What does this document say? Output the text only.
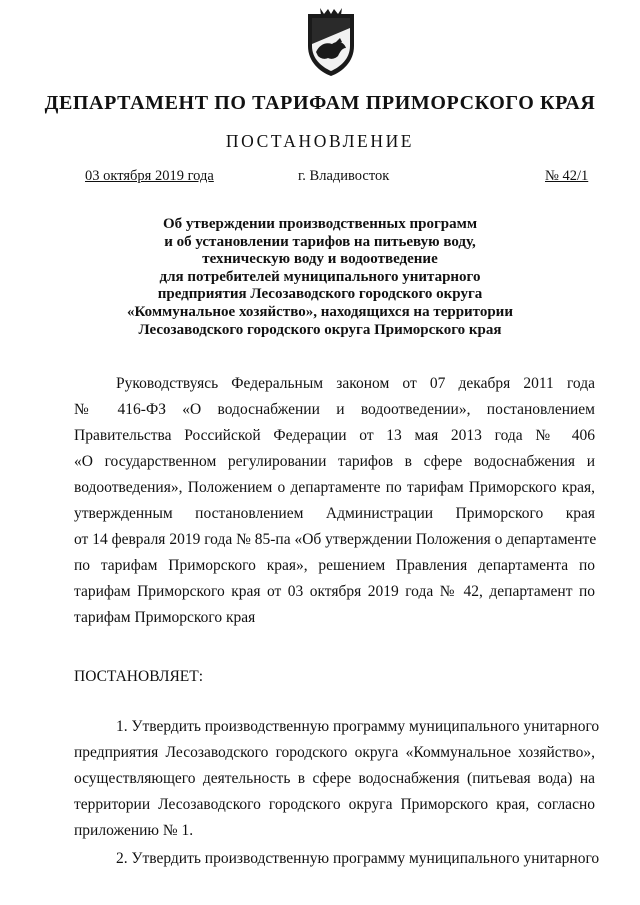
ДЕПАРТАМЕНТ ПО ТАРИФАМ ПРИМОРСКОГО КРАЯ
ПОСТАНОВЛЕНИЕ
03 октября 2019 года	г. Владивосток	№ 42/1
Об утверждении производственных программ
и об установлении тарифов на питьевую воду,
техническую воду и водоотведение
для потребителей муниципального унитарного
предприятия Лесозаводского городского округа
«Коммунальное хозяйство», находящихся на территории
Лесозаводского городского округа Приморского края
Руководствуясь Федеральным законом от 07 декабря 2011 года
№ 416-ФЗ «О водоснабжении и водоотведении», постановлением
Правительства Российской Федерации от 13 мая 2013 года № 406
«О государственном регулировании тарифов в сфере водоснабжения и
водоотведения», Положением о департаменте по тарифам Приморского края,
утвержденным постановлением Администрации Приморского края
от 14 февраля 2019 года № 85-па «Об утверждении Положения о департаменте
по тарифам Приморского края», решением Правления департамента по
тарифам Приморского края от 03 октября 2019 года № 42, департамент по
тарифам Приморского края
ПОСТАНОВЛЯЕТ:
1. Утвердить производственную программу муниципального унитарного
предприятия Лесозаводского городского округа «Коммунальное хозяйство»,
осуществляющего деятельность в сфере водоснабжения (питьевая вода) на
территории Лесозаводского городского округа Приморского края, согласно
приложению № 1.
2. Утвердить производственную программу муниципального унитарного
